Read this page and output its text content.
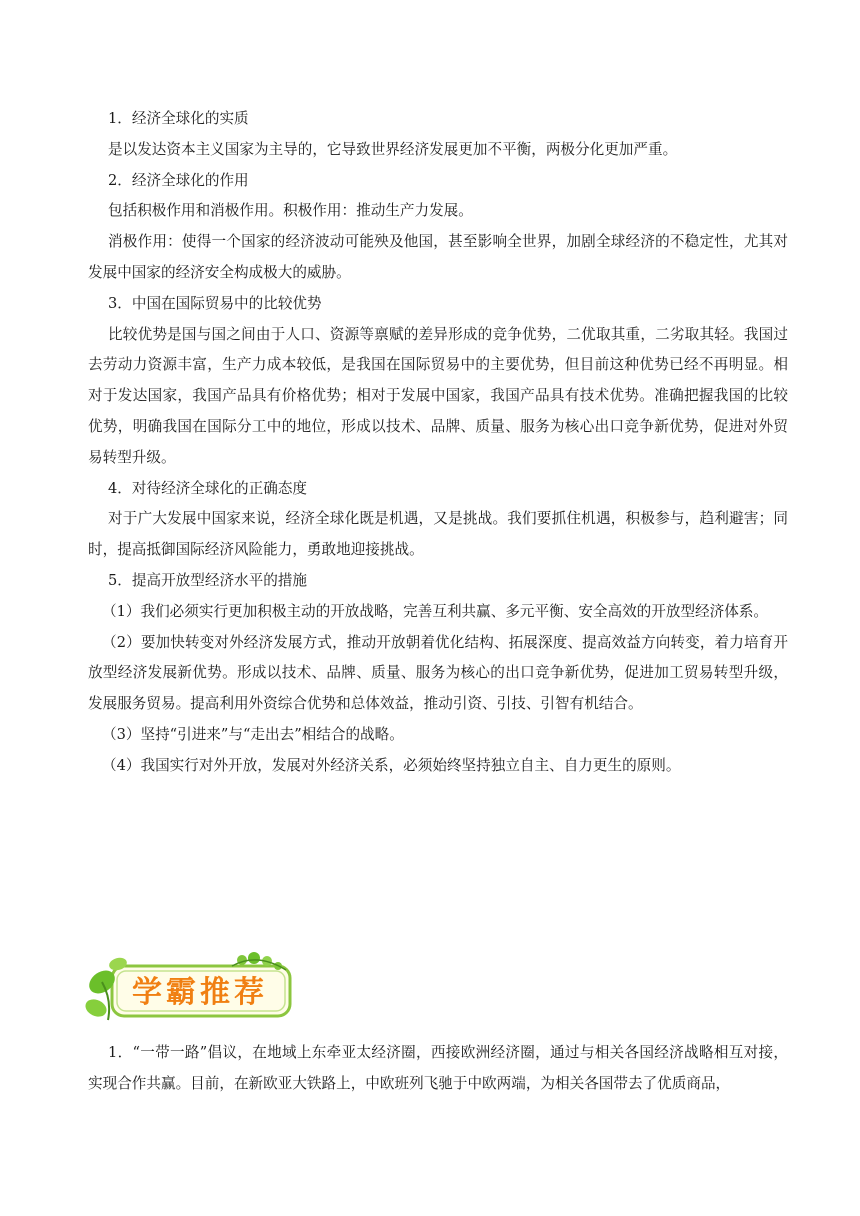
1．经济全球化的实质

是以发达资本主义国家为主导的，它导致世界经济发展更加不平衡，两极分化更加严重。

2．经济全球化的作用

包括积极作用和消极作用。积极作用：推动生产力发展。

消极作用：使得一个国家的经济波动可能殃及他国，甚至影响全世界，加剧全球经济的不稳定性，尤其对发展中国家的经济安全构成极大的威胁。

3．中国在国际贸易中的比较优势

比较优势是国与国之间由于人口、资源等禀赋的差异形成的竞争优势，二优取其重，二劣取其轻。我国过去劳动力资源丰富，生产力成本较低，是我国在国际贸易中的主要优势，但目前这种优势已经不再明显。相对于发达国家，我国产品具有价格优势；相对于发展中国家，我国产品具有技术优势。准确把握我国的比较优势，明确我国在国际分工中的地位，形成以技术、品牌、质量、服务为核心出口竞争新优势，促进对外贸易转型升级。

4．对待经济全球化的正确态度

对于广大发展中国家来说，经济全球化既是机遇，又是挑战。我们要抓住机遇，积极参与，趋利避害；同时，提高抵御国际经济风险能力，勇敢地迎接挑战。

5．提高开放型经济水平的措施

（1）我们必须实行更加积极主动的开放战略，完善互利共赢、多元平衡、安全高效的开放型经济体系。

（2）要加快转变对外经济发展方式，推动开放朝着优化结构、拓展深度、提高效益方向转变，着力培育开放型经济发展新优势。形成以技术、品牌、质量、服务为核心的出口竞争新优势，促进加工贸易转型升级，发展服务贸易。提高利用外资综合优势和总体效益，推动引资、引技、引智有机结合。

（3）坚持“引进来”与“走出去”相结合的战略。

（4）我国实行对外开放，发展对外经济关系，必须始终坚持独立自主、自力更生的原则。

学霸推荐

1．“一带一路”倡议，在地域上东牵亚太经济圈，西接欧洲经济圈，通过与相关各国经济战略相互对接，实现合作共赢。目前，在新欧亚大铁路上，中欧班列飞驰于中欧两端，为相关各国带去了优质商品，
